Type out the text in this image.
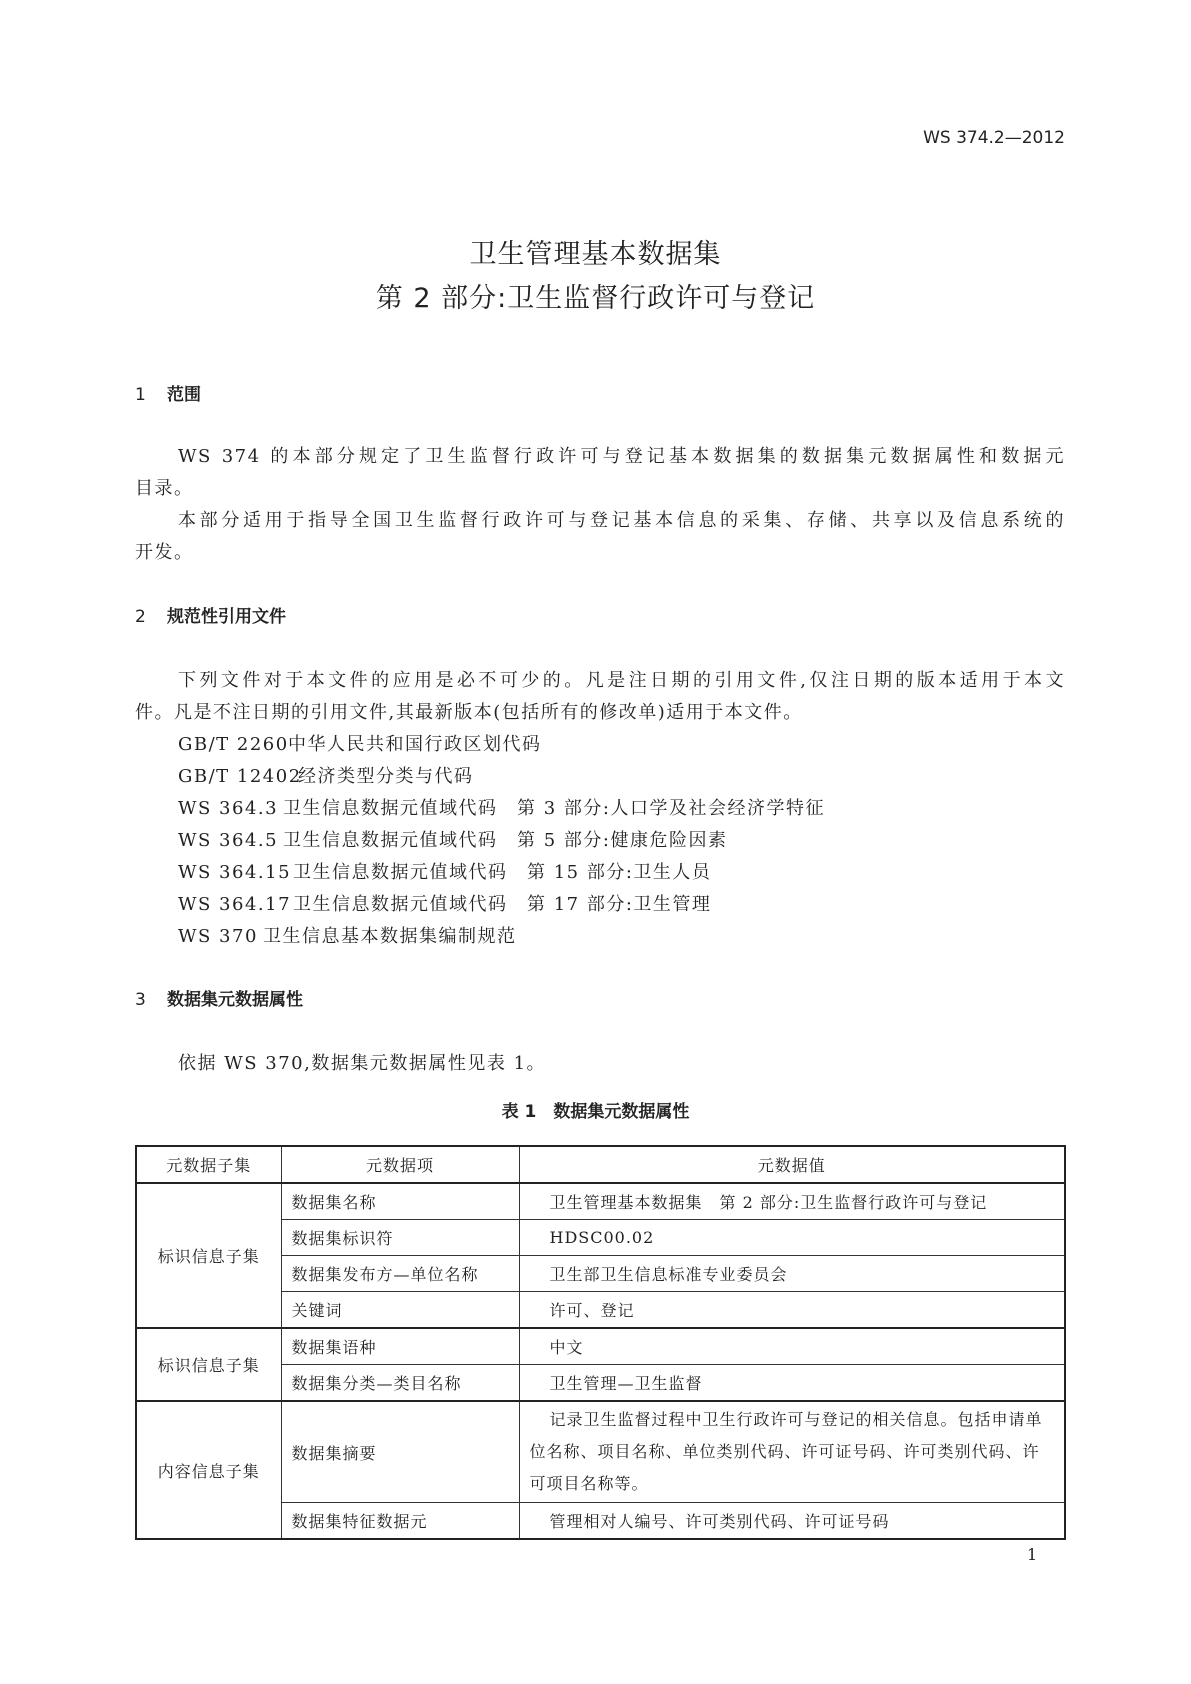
WS 374.2—2012
卫生管理基本数据集
第 2 部分:卫生监督行政许可与登记
1 范围
WS 374 的本部分规定了卫生监督行政许可与登记基本数据集的数据集元数据属性和数据元
目录。
本部分适用于指导全国卫生监督行政许可与登记基本信息的采集、存储、共享以及信息系统的
开发。
2 规范性引用文件
下列文件对于本文件的应用是必不可少的。凡是注日期的引用文件,仅注日期的版本适用于本文
件。凡是不注日期的引用文件,其最新版本(包括所有的修改单)适用于本文件。
GB/T 2260中华人民共和国行政区划代码
GB/T 12402经济类型分类与代码
WS 364.3 卫生信息数据元值域代码　第 3 部分:人口学及社会经济学特征
WS 364.5 卫生信息数据元值域代码　第 5 部分:健康危险因素
WS 364.15 卫生信息数据元值域代码　第 15 部分:卫生人员
WS 364.17 卫生信息数据元值域代码　第 17 部分:卫生管理
WS 370 卫生信息基本数据集编制规范
3 数据集元数据属性
依据 WS 370,数据集元数据属性见表 1。
表 1　数据集元数据属性
元数据子集	元数据项	元数据值
标识信息子集	数据集名称	卫生管理基本数据集　第 2 部分:卫生监督行政许可与登记
	数据集标识符	HDSC00.02
	数据集发布方—单位名称	卫生部卫生信息标准专业委员会
	关键词	许可、登记
标识信息子集	数据集语种	中文
	数据集分类—类目名称	卫生管理—卫生监督
内容信息子集	数据集摘要	记录卫生监督过程中卫生行政许可与登记的相关信息。包括申请单位名称、项目名称、单位类别代码、许可证号码、许可类别代码、许可项目名称等。
	数据集特征数据元	管理相对人编号、许可类别代码、许可证号码
1
